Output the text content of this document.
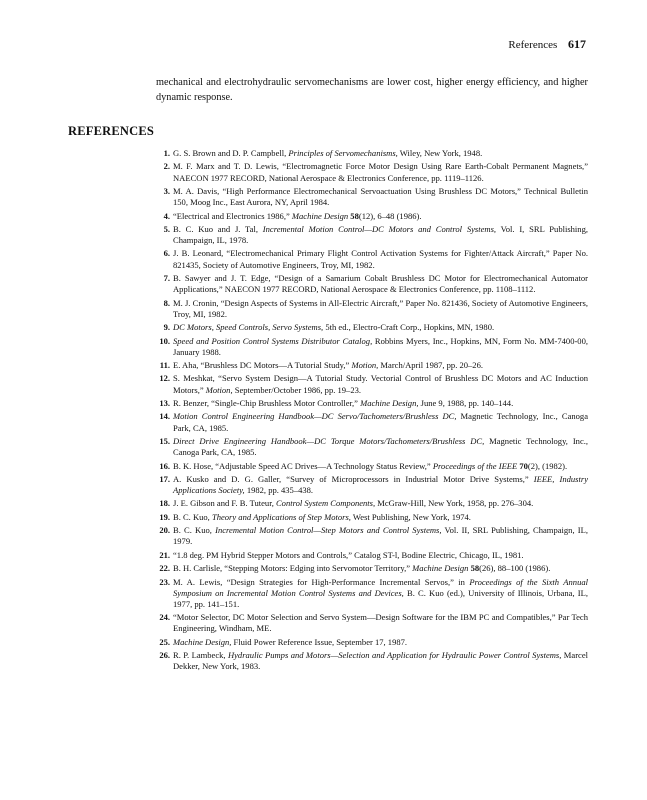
References 617

mechanical and electrohydraulic servomechanisms are lower cost, higher energy efficiency, and higher dynamic response.

REFERENCES
1. G. S. Brown and D. P. Campbell, Principles of Servomechanisms, Wiley, New York, 1948.
2. M. F. Marx and T. D. Lewis, “Electromagnetic Force Motor Design Using Rare Earth-Cobalt Permanent Magnets,” NAECON 1977 RECORD, National Aerospace & Electronics Conference, pp. 1119–1126.
3. M. A. Davis, “High Performance Electromechanical Servoactuation Using Brushless DC Motors,” Technical Bulletin 150, Moog Inc., East Aurora, NY, April 1984.
4. “Electrical and Electronics 1986,” Machine Design 58(12), 6–48 (1986).
5. B. C. Kuo and J. Tal, Incremental Motion Control—DC Motors and Control Systems, Vol. I, SRL Publishing, Champaign, IL, 1978.
6. J. B. Leonard, “Electromechanical Primary Flight Control Activation Systems for Fighter/Attack Aircraft,” Paper No. 821435, Society of Automotive Engineers, Troy, MI, 1982.
7. B. Sawyer and J. T. Edge, “Design of a Samarium Cobalt Brushless DC Motor for Electromechanical Automator Applications,” NAECON 1977 RECORD, National Aerospace & Electronics Conference, pp. 1108–1112.
8. M. J. Cronin, “Design Aspects of Systems in All-Electric Aircraft,” Paper No. 821436, Society of Automotive Engineers, Troy, MI, 1982.
9. DC Motors, Speed Controls, Servo Systems, 5th ed., Electro-Craft Corp., Hopkins, MN, 1980.
10. Speed and Position Control Systems Distributor Catalog, Robbins Myers, Inc., Hopkins, MN, Form No. MM-7400-00, January 1988.
11. E. Aha, “Brushless DC Motors—A Tutorial Study,” Motion, March/April 1987, pp. 20–26.
12. S. Meshkat, “Servo System Design—A Tutorial Study. Vectorial Control of Brushless DC Motors and AC Induction Motors,” Motion, September/October 1986, pp. 19–23.
13. R. Benzer, “Single-Chip Brushless Motor Controller,” Machine Design, June 9, 1988, pp. 140–144.
14. Motion Control Engineering Handbook—DC Servo/Tachometers/Brushless DC, Magnetic Technology, Inc., Canoga Park, CA, 1985.
15. Direct Drive Engineering Handbook—DC Torque Motors/Tachometers/Brushless DC, Magnetic Technology, Inc., Canoga Park, CA, 1985.
16. B. K. Hose, “Adjustable Speed AC Drives—A Technology Status Review,” Proceedings of the IEEE 70(2), (1982).
17. A. Kusko and D. G. Galler, “Survey of Microprocessors in Industrial Motor Drive Systems,” IEEE, Industry Applications Society, 1982, pp. 435–438.
18. J. E. Gibson and F. B. Tuteur, Control System Components, McGraw-Hill, New York, 1958, pp. 276–304.
19. B. C. Kuo, Theory and Applications of Step Motors, West Publishing, New York, 1974.
20. B. C. Kuo, Incremental Motion Control—Step Motors and Control Systems, Vol. II, SRL Publishing, Champaign, IL, 1979.
21. “1.8 deg. PM Hybrid Stepper Motors and Controls,” Catalog ST-l, Bodine Electric, Chicago, IL, 1981.
22. B. H. Carlisle, “Stepping Motors: Edging into Servomotor Territory,” Machine Design 58(26), 88–100 (1986).
23. M. A. Lewis, “Design Strategies for High-Performance Incremental Servos,” in Proceedings of the Sixth Annual Symposium on Incremental Motion Control Systems and Devices, B. C. Kuo (ed.), University of Illinois, Urbana, IL, 1977, pp. 141–151.
24. “Motor Selector, DC Motor Selection and Servo System—Design Software for the IBM PC and Compatibles,” Par Tech Engineering, Windham, ME.
25. Machine Design, Fluid Power Reference Issue, September 17, 1987.
26. R. P. Lambeck, Hydraulic Pumps and Motors—Selection and Application for Hydraulic Power Control Systems, Marcel Dekker, New York, 1983.
